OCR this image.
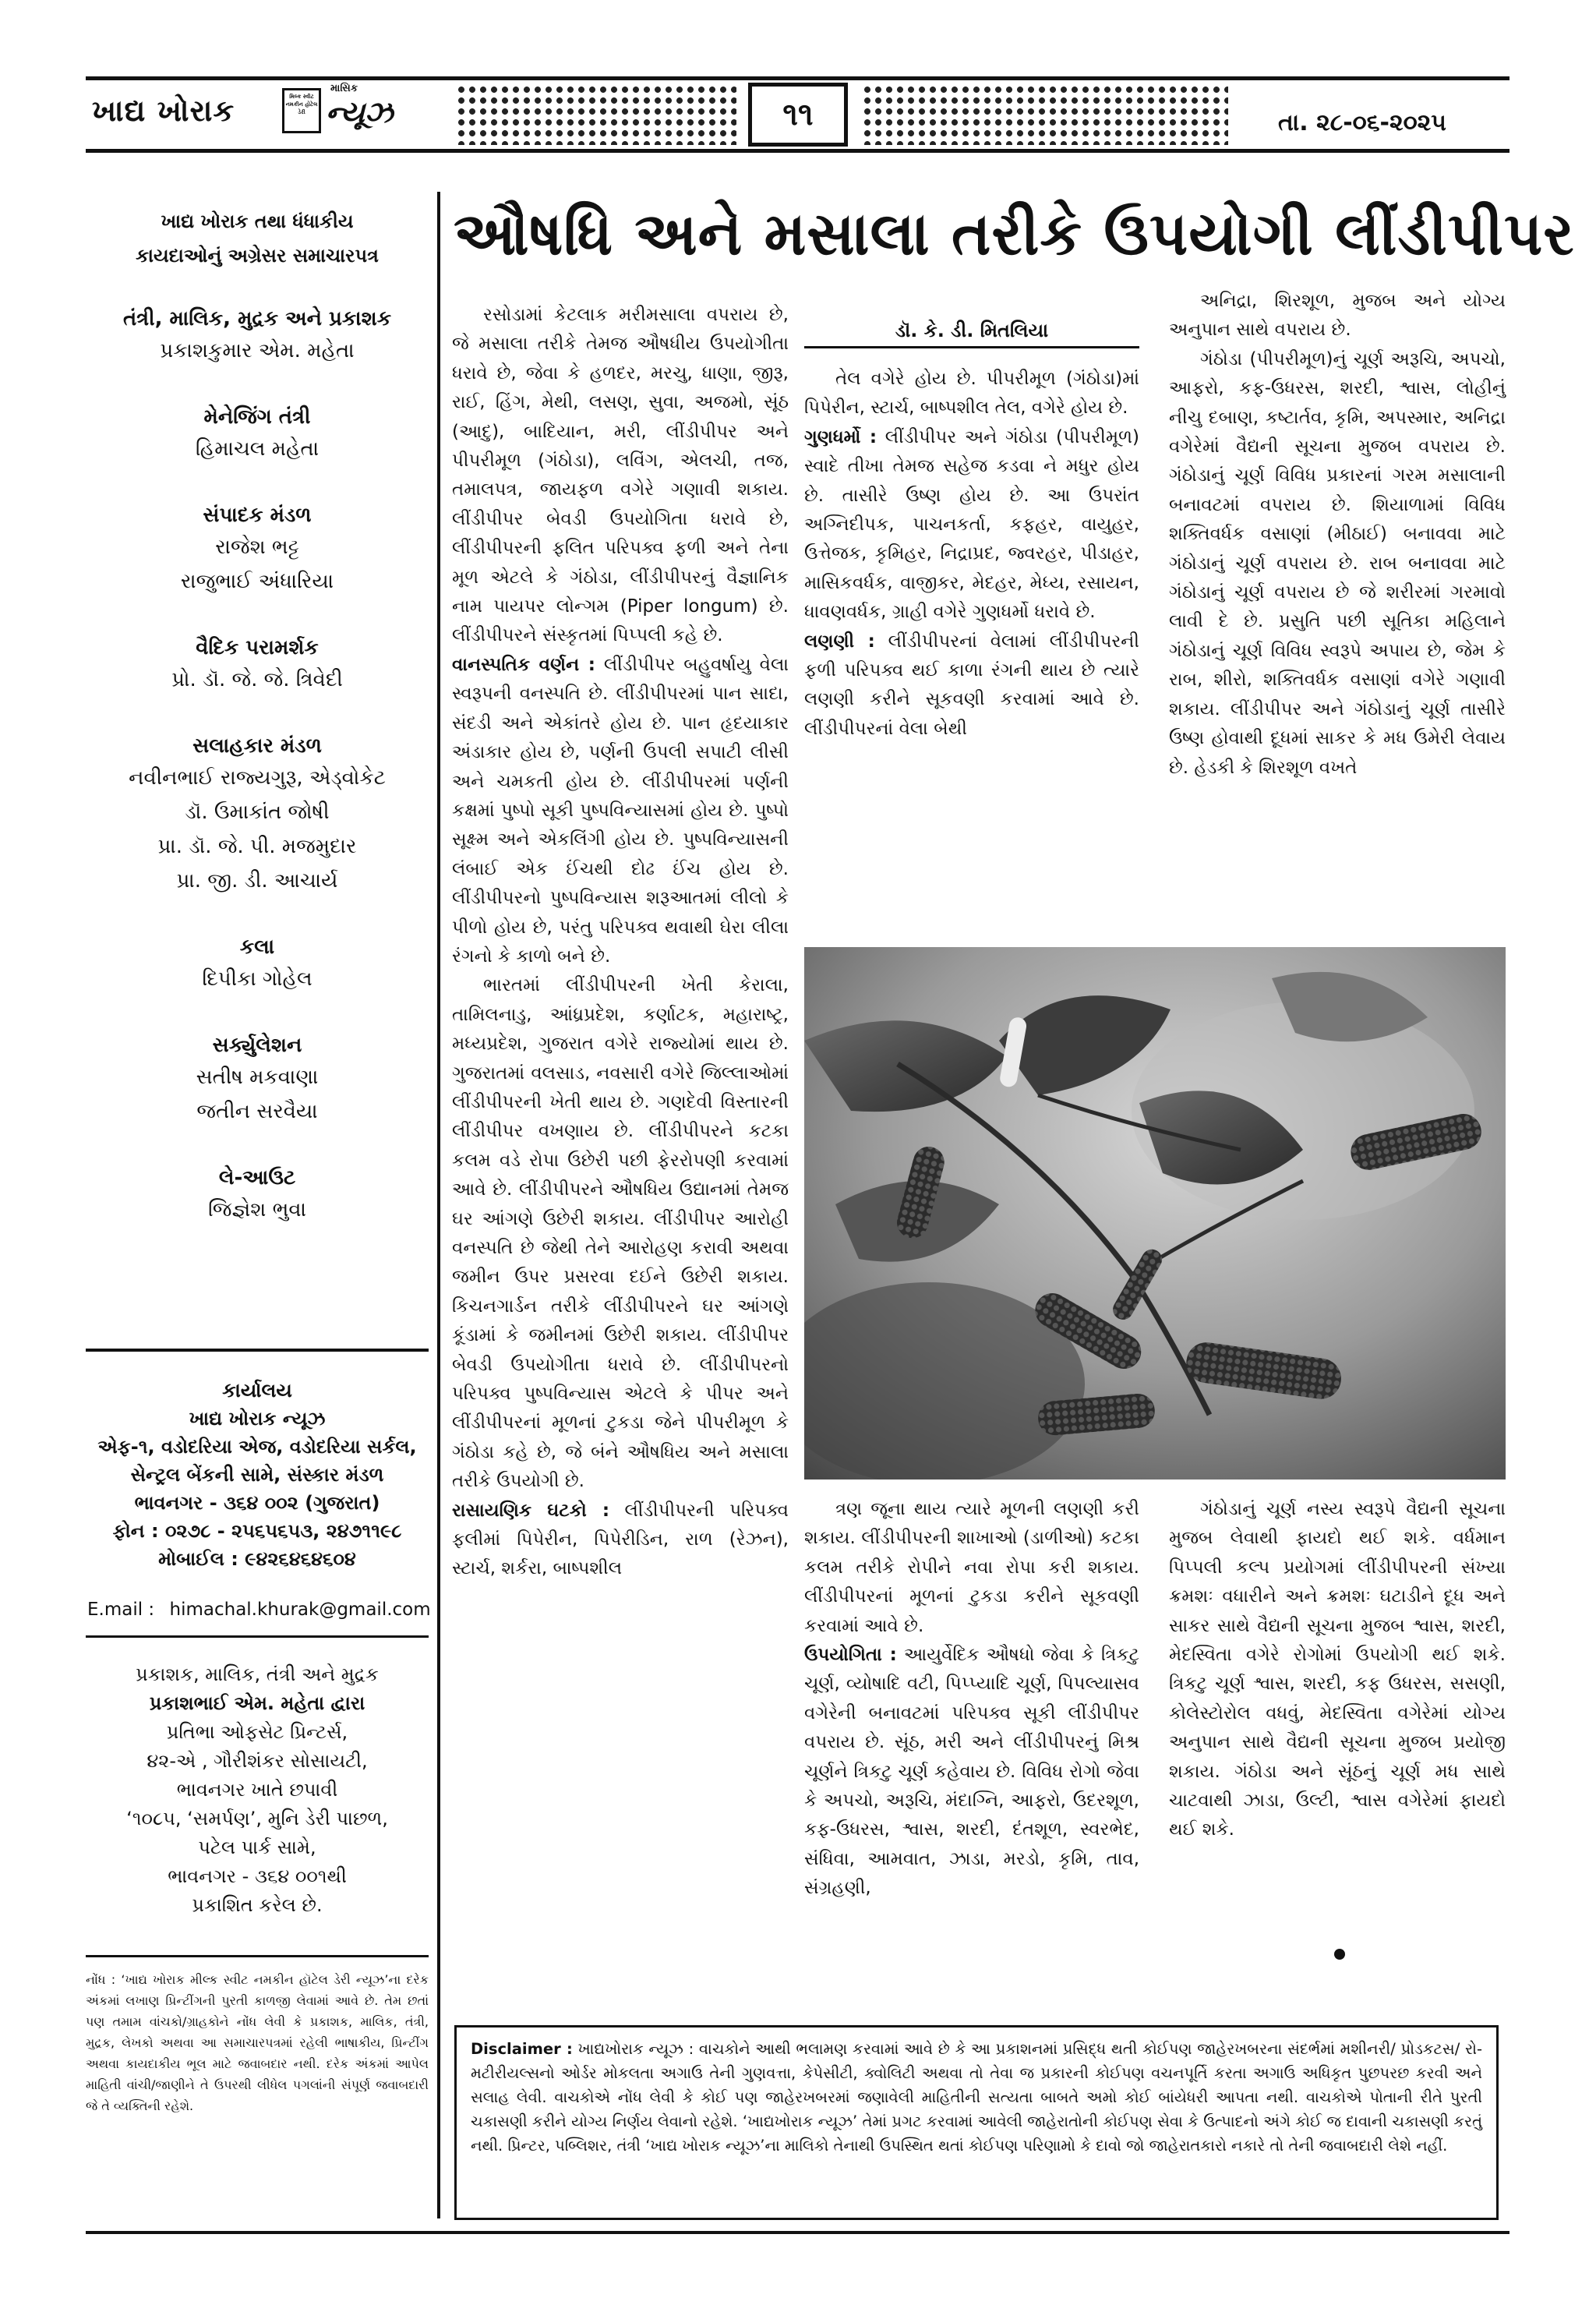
ખાદ્ય ખોરાક	મિલ્ક સ્વીટ નમકીન હોટેલ ડેરી
માસિક
ન્યૂઝ	૧૧	તા. ૨૮-૦૬-૨૦૨૫
ખાદ્ય ખોરાક તથા ધંધાકીય
કાયદાઓનું અગ્રેસર સમાચારપત્ર
તંત્રી, માલિક, મુદ્રક અને પ્રકાશક
પ્રકાશકુમાર એમ. મહેતા
મેનેજિંગ તંત્રી
હિમાચલ મહેતા
સંપાદક મંડળ
રાજેશ ભટ્ટ
રાજુભાઈ અંધારિયા
વૈદિક પરામર્શક
પ્રો. ડૉ. જે. જે. ત્રિવેદી
સલાહકાર મંડળ
નવીનભાઈ રાજ્યગુરૂ, એડ્વોકેટ
ડૉ. ઉમાકાંત જોષી
પ્રા. ડૉ. જે. પી. મજમુદાર
પ્રા. જી. ડી. આચાર્ય
કલા
દિપીકા ગોહેલ
સર્ક્યુલેશન
સતીષ મકવાણા
જતીન સરવૈયા
લે-આઉટ
જિજ્ઞેશ ભુવા
કાર્યાલય
ખાદ્ય ખોરાક ન્યૂઝ
એફ-૧, વડોદરિયા એજ, વડોદરિયા સર્કલ,
સેન્ટ્રલ બેંકની સામે, સંસ્કાર મંડળ
ભાવનગર - ૩૬૪ ૦૦૨ (ગુજરાત)
ફોન : ૦૨૭૮ - ૨૫૬૫૬૫૩, ૨૪૭૧૧૯૮
મોબાઈલ : ૯૪૨૬૪૬૪૬૦૪
E.mail : himachal.khurak@gmail.com
પ્રકાશક, માલિક, તંત્રી અને મુદ્રક
પ્રકાશભાઈ એમ. મહેતા દ્વારા
પ્રતિભા ઓફસેટ પ્રિન્ટર્સ,
૪૨-એ , ગૌરીશંકર સોસાયટી,
ભાવનગર ખાતે છપાવી
‘૧૦૮૫, ‘સમર્પણ’, મુનિ ડેરી પાછળ,
પટેલ પાર્ક સામે,
ભાવનગર - ૩૬૪ ૦૦૧થી
પ્રકાશિત કરેલ છે.
નોંધ : ‘ખાદ્ય ખોરાક મીલ્ક સ્વીટ નમકીન હૉટેલ ડેરી ન્યૂઝ’ના દરેક અંકમાં લખાણ પ્રિન્ટીંગની પુરતી કાળજી લેવામાં આવે છે. તેમ છતાં પણ તમામ વાંચકો/ગ્રાહકોને નોંધ લેવી કે પ્રકાશક, માલિક, તંત્રી, મુદ્રક, લેખકો અથવા આ સમાચારપત્રમાં રહેલી ભાષાકીય, પ્રિન્ટીંગ અથવા કાયદાકીય ભૂલ માટે જવાબદાર નથી. દરેક અંકમાં આપેલ માહિતી વાંચી/જાણીને તે ઉપરથી લીધેલ પગલાંની સંપૂર્ણ જવાબદારી જે તે વ્યક્તિની રહેશે.
ઔષધિ અને મસાલા તરીકે ઉપયોગી લીંડીપીપર

રસોડામાં કેટલાક મરીમસાલા વપરાય છે, જે મસાલા તરીકે તેમજ ઔષધીય ઉપયોગીતા ધરાવે છે, જેવા કે હળદર, મરચુ, ધાણા, જીરૂ, રાઈ, હિંગ, મેથી, લસણ, સુવા, અજમો, સૂંઠ (આદુ), બાદિયાન, મરી, લીંડીપીપર અને પીપરીમૂળ (ગંઠોડા), લવિંગ, એલચી, તજ, તમાલપત્ર, જાયફળ વગેરે ગણાવી શકાય. લીંડીપીપર બેવડી ઉપયોગિતા ધરાવે છે, લીંડીપીપરની ફલિત પરિપક્વ ફળી અને તેના મૂળ એટલે કે ગંઠોડા, લીંડીપીપરનું વૈજ્ઞાનિક નામ પાયપર લોન્ગમ (Piper longum) છે. લીંડીપીપરને સંસ્કૃતમાં પિપ્પલી કહે છે.

વાનસ્પતિક વર્ણન : લીંડીપીપર બહુવર્ષાયુ વેલા સ્વરૂપની વનસ્પતિ છે. લીંડીપીપરમાં પાન સાદા, સંદડી અને એકાંતરે હોય છે. પાન હૃદયાકાર અંડાકાર હોય છે, પર્ણની ઉપલી સપાટી લીસી અને ચમકતી હોય છે. લીંડીપીપરમાં પર્ણની કક્ષમાં પુષ્પો સૂકી પુષ્પવિન્યાસમાં હોય છે. પુષ્પો સૂક્ષ્મ અને એકલિંગી હોય છે. પુષ્પવિન્યાસની લંબાઈ એક ઈંચથી દોઢ ઈંચ હોય છે. લીંડીપીપરનો પુષ્પવિન્યાસ શરૂઆતમાં લીલો કે પીળો હોય છે, પરંતુ પરિપક્વ થવાથી ઘેરા લીલા રંગનો કે કાળો બને છે.

ભારતમાં લીંડીપીપરની ખેતી કેરાલા, તામિલનાડુ, આંધ્રપ્રદેશ, કર્ણાટક, મહારાષ્ટ્ર, મધ્યપ્રદેશ, ગુજરાત વગેરે રાજ્યોમાં થાય છે. ગુજરાતમાં વલસાડ, નવસારી વગેરે જિલ્લાઓમાં લીંડીપીપરની ખેતી થાય છે. ગણદેવી વિસ્તારની લીંડીપીપર વખણાય છે. લીંડીપીપરને કટકા કલમ વડે રોપા ઉછેરી પછી ફેરરોપણી કરવામાં આવે છે. લીંડીપીપરને ઔષધિય ઉદ્યાનમાં તેમજ ઘર આંગણે ઉછેરી શકાય. લીંડીપીપર આરોહી વનસ્પતિ છે જેથી તેને આરોહણ કરાવી અથવા જમીન ઉપર પ્રસરવા દઈને ઉછેરી શકાય. કિચનગાર્ડન તરીકે લીંડીપીપરને ઘર આંગણે કૂંડામાં કે જમીનમાં ઉછેરી શકાય. લીંડીપીપર બેવડી ઉપયોગીતા ધરાવે છે. લીંડીપીપરનો પરિપક્વ પુષ્પવિન્યાસ એટલે કે પીપર અને લીંડીપીપરનાં મૂળનાં ટુકડા જેને પીપરીમૂળ કે ગંઠોડા કહે છે, જે બંને ઔષધિય અને મસાલા તરીકે ઉપયોગી છે.

રાસાયણિક ઘટકો : લીંડીપીપરની પરિપક્વ ફલીમાં પિપેરીન, પિપેરીડિન, રાળ (રેઝન), સ્ટાર્ચ, શર્કરા, બાષ્પશીલ

ડૉ. કે. ડી. મિતલિયા

તેલ વગેરે હોય છે. પીપરીમૂળ (ગંઠોડા)માં પિપેરીન, સ્ટાર્ચ, બાષ્પશીલ તેલ, વગેરે હોય છે.

ગુણધર્મો : લીંડીપીપર અને ગંઠોડા (પીપરીમૂળ) સ્વાદે તીખા તેમજ સહેજ કડવા ને મધુર હોય છે. તાસીરે ઉષ્ણ હોય છે. આ ઉપરાંત અગ્નિદીપક, પાચનકર્તા, કફહર, વાયુહર, ઉત્તેજક, કૃમિહર, નિદ્રાપ્રદ, જ્વરહર, પીડાહર, માસિકવર્ધક, વાજીકર, મેદહર, મેધ્ય, રસાયન, ધાવણવર્ધક, ગ્રાહી વગેરે ગુણધર્મો ધરાવે છે.

લણણી : લીંડીપીપરનાં વેલામાં લીંડીપીપરની ફળી પરિપક્વ થઈ કાળા રંગની થાય છે ત્યારે લણણી કરીને સૂકવણી કરવામાં આવે છે. લીંડીપીપરનાં વેલા બેથી

અનિદ્રા, શિરશૂળ, મુજબ અને યોગ્ય અનુપાન સાથે વપરાય છે.

ગંઠોડા (પીપરીમૂળ)નું ચૂર્ણ અરૂચિ, અપચો, આફરો, કફ-ઉધરસ, શરદી, શ્વાસ, લોહીનું નીચુ દબાણ, કષ્ટાર્તવ, કૃમિ, અપસ્માર, અનિદ્રા વગેરેમાં વૈદ્યની સૂચના મુજબ વપરાય છે. ગંઠોડાનું ચૂર્ણ વિવિધ પ્રકારનાં ગરમ મસાલાની બનાવટમાં વપરાય છે. શિયાળામાં વિવિધ શક્તિવર્ધક વસાણાં (મીઠાઈ) બનાવવા માટે ગંઠોડાનું ચૂર્ણ વપરાય છે. રાબ બનાવવા માટે ગંઠોડાનું ચૂર્ણ વપરાય છે જે શરીરમાં ગરમાવો લાવી દે છે. પ્રસુતિ પછી સૂતિકા મહિલાને ગંઠોડાનું ચૂર્ણ વિવિધ સ્વરૂપે અપાય છે, જેમ કે રાબ, શીરો, શક્તિવર્ધક વસાણાં વગેરે ગણાવી શકાય. લીંડીપીપર અને ગંઠોડાનું ચૂર્ણ તાસીરે ઉષ્ણ હોવાથી દૂધમાં સાકર કે મધ ઉમેરી લેવાય છે. હેડકી કે શિરશૂળ વખતે

ત્રણ જૂના થાય ત્યારે મૂળની લણણી કરી શકાય. લીંડીપીપરની શાખાઓ (ડાળીઓ) કટકા કલમ તરીકે રોપીને નવા રોપા કરી શકાય. લીંડીપીપરનાં મૂળનાં ટુકડા કરીને સૂકવણી કરવામાં આવે છે.

ઉપયોગિતા : આયુર્વેદિક ઔષધો જેવા કે ત્રિકટુ ચૂર્ણ, વ્યોષાદિ વટી, પિપ્પ્યાદિ ચૂર્ણ, પિપલ્યાસવ વગેરેની બનાવટમાં પરિપક્વ સૂકી લીંડીપીપર વપરાય છે. સૂંઠ, મરી અને લીંડીપીપરનું મિશ્ર ચૂર્ણને ત્રિકટુ ચૂર્ણ કહેવાય છે. વિવિધ રોગો જેવા કે અપચો, અરૂચિ, મંદાગ્નિ, આફરો, ઉદરશૂળ, કફ-ઉધરસ, શ્વાસ, શરદી, દંતશૂળ, સ્વરભેદ, સંધિવા, આમવાત, ઝાડા, મરડો, કૃમિ, તાવ, સંગ્રહણી,

ગંઠોડાનું ચૂર્ણ નસ્ય સ્વરૂપે વૈદ્યની સૂચના મુજબ લેવાથી ફાયદો થઈ શકે. વર્ધમાન પિપ્પલી કલ્પ પ્રયોગમાં લીંડીપીપરની સંખ્યા ક્રમશઃ વધારીને અને ક્રમશઃ ઘટાડીને દૂધ અને સાકર સાથે વૈદ્યની સૂચના મુજબ શ્વાસ, શરદી, મેદસ્વિતા વગેરે રોગોમાં ઉપયોગી થઈ શકે. ત્રિકટુ ચૂર્ણ શ્વાસ, શરદી, કફ ઉધરસ, સસણી, કોલેસ્ટોરોલ વધવું, મેદસ્વિતા વગેરેમાં યોગ્ય અનુપાન સાથે વૈદ્યની સૂચના મુજબ પ્રયોજી શકાય. ગંઠોડા અને સૂંઠનું ચૂર્ણ મધ સાથે ચાટવાથી ઝાડા, ઉલ્ટી, શ્વાસ વગેરેમાં ફાયદો થઈ શકે.

Disclaimer : ખાદ્યખોરાક ન્યૂઝ : વાચકોને આથી ભલામણ કરવામાં આવે છે કે આ પ્રકાશનમાં પ્રસિદ્ધ થતી કોઈપણ જાહેરખબરના સંદર્ભમાં મશીનરી/ પ્રોડકટસ/ રો-મટીરીયલ્સનો ઓર્ડર મોકલતા અગાઉ તેની ગુણવત્તા, કેપેસીટી, ક્વોલિટી અથવા તો તેવા જ પ્રકારની કોઈપણ વચનપૂર્તિ કરતા અગાઉ અધિકૃત પુછપરછ કરવી અને સલાહ લેવી. વાચકોએ નોંધ લેવી કે કોઈ પણ જાહેરખબરમાં જણાવેલી માહિતીની સત્યતા બાબતે અમો કોઈ બાંયેધરી આપતા નથી. વાચકોએ પોતાની રીતે પુરતી ચકાસણી કરીને યોગ્ય નિર્ણય લેવાનો રહેશે. ‘ખાદ્યખોરાક ન્યૂઝ’ તેમાં પ્રગટ કરવામાં આવેલી જાહેરાતોની કોઈપણ સેવા કે ઉત્પાદનો અંગે કોઈ જ દાવાની ચકાસણી કરતું નથી. પ્રિન્ટર, પબ્લિશર, તંત્રી ‘ખાદ્ય ખોરાક ન્યૂઝ’ના માલિકો તેનાથી ઉપસ્થિત થતાં કોઈપણ પરિણામો કે દાવો જો જાહેરાતકારો નકારે તો તેની જવાબદારી લેશે નહીં.
